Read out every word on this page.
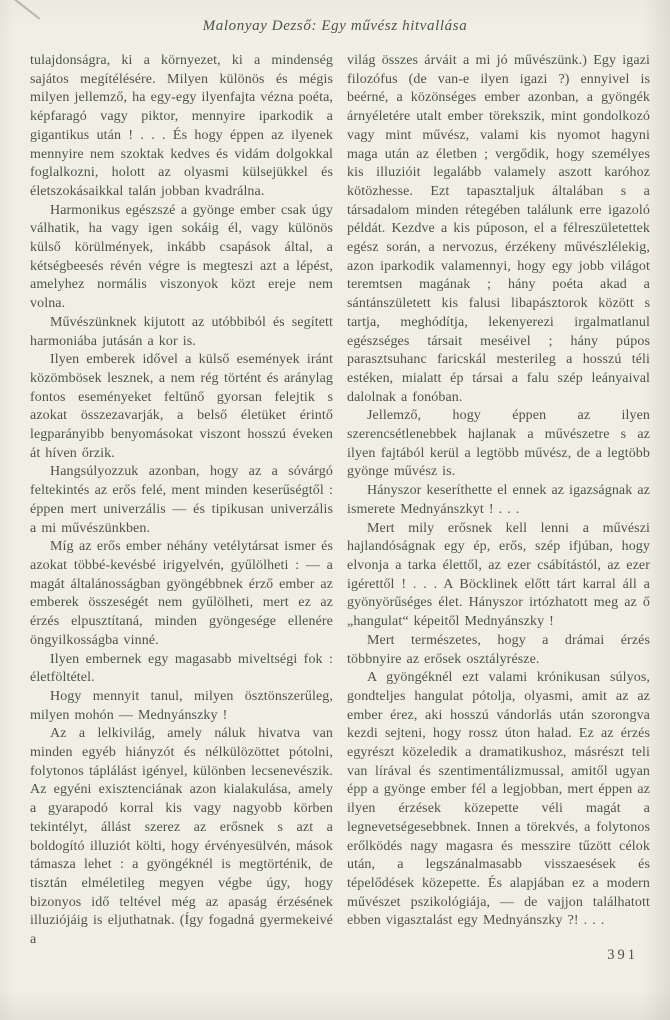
Malonyay Dezső: Egy művész hitvallása

tulajdonságra, ki a környezet, ki a mindenség sajátos megítélésére. Milyen különös és mégis milyen jellemző, ha egy-egy ilyenfajta vézna poéta, képfaragó vagy piktor, mennyire iparkodik a gigantikus után ! . . . És hogy éppen az ilyenek mennyire nem szoktak kedves és vidám dolgokkal foglalkozni, holott az olyasmi külsejükkel és életszokásaikkal talán jobban kvadrálna.

Harmonikus egészszé a gyönge ember csak úgy válhatik, ha vagy igen sokáig él, vagy különös külső körülmények, inkább csapások által, a kétségbeesés révén végre is megteszi azt a lépést, amelyhez normális viszonyok közt ereje nem volna.

Művészünknek kijutott az utóbbiból és segített harmoniába jutásán a kor is.

Ilyen emberek idővel a külső események iránt közömbösek lesznek, a nem rég történt és aránylag fontos eseményeket feltűnő gyorsan felejtik s azokat összezavarják, a belső életüket érintő legparányibb benyomásokat viszont hosszú éveken át híven őrzik.

Hangsúlyozzuk azonban, hogy az a sóvárgó feltekintés az erős felé, ment minden keserűségtől : éppen mert univerzális — és tipikusan univerzális a mi művészünkben.

Míg az erős ember néhány vetélytársat ismer és azokat többé-kevésbé irigyelvén, gyűlölheti : — a magát általánosságban gyöngébbnek érző ember az emberek összeségét nem gyűlölheti, mert ez az érzés elpusztítaná, minden gyöngesége ellenére öngyilkosságba vinné.

Ilyen embernek egy magasabb miveltségi fok : életföltétel.

Hogy mennyit tanul, milyen ösztönszerűleg, milyen mohón — Mednyánszky !

Az a lelkivilág, amely náluk hivatva van minden egyéb hiányzót és nélkülözöttet pótolni, folytonos táplálást igényel, különben lecsenevészik. Az egyéni exisztenciának azon kialakulása, amely a gyarapodó korral kis vagy nagyobb körben tekintélyt, állást szerez az erősnek s azt a boldogító illuziót költi, hogy érvényesülvén, mások támasza lehet : a gyöngéknél is megtörténik, de tisztán elméletileg megyen végbe úgy, hogy bizonyos idő teltével még az apaság érzésének illuziójáig is eljuthatnak. (Így fogadná gyermekeivé a

világ összes árváit a mi jó művészünk.) Egy igazi filozófus (de van-e ilyen igazi ?) ennyivel is beérné, a közönséges ember azonban, a gyöngék árnyéletére utalt ember törekszik, mint gondolkozó vagy mint művész, valami kis nyomot hagyni maga után az életben ; vergődik, hogy személyes kis illuzióit legalább valamely aszott karóhoz kötözhesse. Ezt tapasztaljuk általában s a társadalom minden rétegében találunk erre igazoló példát. Kezdve a kis púposon, el a félreszületettek egész során, a nervozus, érzékeny művészlélekig, azon iparkodik valamennyi, hogy egy jobb világot teremtsen magának ; hány poéta akad a sántánszületett kis falusi libapásztorok között s tartja, meghódítja, lekenyerezi irgalmatlanul egészséges társait meséivel ; hány púpos parasztsuhanc faricskál mesterileg a hosszú téli estéken, mialatt ép társai a falu szép leányaival dalolnak a fonóban.

Jellemző, hogy éppen az ilyen szerencsétlenebbek hajlanak a művészetre s az ilyen fajtából kerül a legtöbb művész, de a legtöbb gyönge művész is.

Hányszor keseríthette el ennek az igazságnak az ismerete Mednyánszkyt ! . . .

Mert mily erősnek kell lenni a művészi hajlandóságnak egy ép, erős, szép ifjúban, hogy elvonja a tarka élettől, az ezer csábítástól, az ezer igérettől ! . . . A Böcklinek előtt tárt karral áll a gyönyörűséges élet. Hányszor irtózhatott meg az ő „hangulat“ képeitől Mednyánszky !

Mert természetes, hogy a drámai érzés többnyire az erősek osztályrésze.

A gyöngéknél ezt valami krónikusan súlyos, gondteljes hangulat pótolja, olyasmi, amit az az ember érez, aki hosszú vándorlás után szorongva kezdi sejteni, hogy rossz úton halad. Ez az érzés egyrészt közeledik a dramatikushoz, másrészt teli van lírával és szentimentálizmussal, amitől ugyan épp a gyönge ember fél a legjobban, mert éppen az ilyen érzések közepette véli magát a legnevetségesebbnek. Innen a törekvés, a folytonos erőlködés nagy magasra és messzire tűzött célok után, a legszánalmasabb visszaesések és tépelődések közepette. És alapjában ez a modern művészet pszikológiája, — de vajjon találhatott ebben vigasztalást egy Mednyánszky ?! . . .

391
